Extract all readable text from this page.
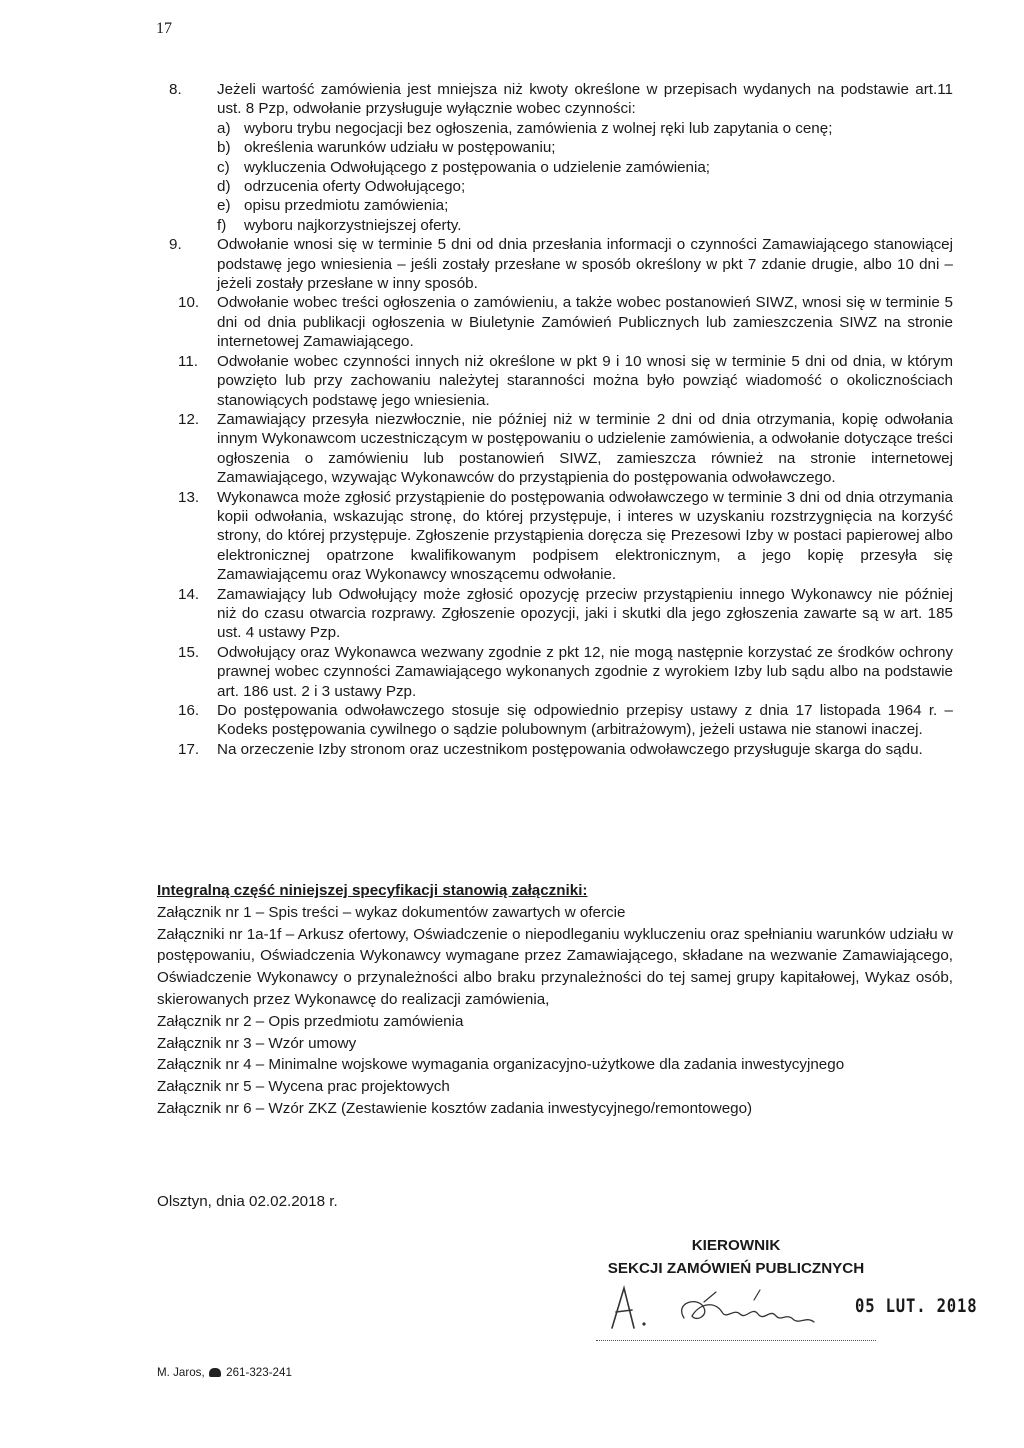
17
8. Jeżeli wartość zamówienia jest mniejsza niż kwoty określone w przepisach wydanych na podstawie art.11 ust. 8 Pzp, odwołanie przysługuje wyłącznie wobec czynności:
a) wyboru trybu negocjacji bez ogłoszenia, zamówienia z wolnej ręki lub zapytania o cenę;
b) określenia warunków udziału w postępowaniu;
c) wykluczenia Odwołującego z postępowania o udzielenie zamówienia;
d) odrzucenia oferty Odwołującego;
e) opisu przedmiotu zamówienia;
f) wyboru najkorzystniejszej oferty.
9. Odwołanie wnosi się w terminie 5 dni od dnia przesłania informacji o czynności Zamawiającego stanowiącej podstawę jego wniesienia – jeśli zostały przesłane w sposób określony w pkt 7 zdanie drugie, albo 10 dni – jeżeli zostały przesłane w inny sposób.
10. Odwołanie wobec treści ogłoszenia o zamówieniu, a także wobec postanowień SIWZ, wnosi się w terminie 5 dni od dnia publikacji ogłoszenia w Biuletynie Zamówień Publicznych lub zamieszczenia SIWZ na stronie internetowej Zamawiającego.
11. Odwołanie wobec czynności innych niż określone w pkt 9 i 10 wnosi się w terminie 5 dni od dnia, w którym powzięto lub przy zachowaniu należytej staranności można było powziąć wiadomość o okolicznościach stanowiących podstawę jego wniesienia.
12. Zamawiający przesyła niezwłocznie, nie później niż w terminie 2 dni od dnia otrzymania, kopię odwołania innym Wykonawcom uczestniczącym w postępowaniu o udzielenie zamówienia, a odwołanie dotyczące treści ogłoszenia o zamówieniu lub postanowień SIWZ, zamieszcza również na stronie internetowej Zamawiającego, wzywając Wykonawców do przystąpienia do postępowania odwoławczego.
13. Wykonawca może zgłosić przystąpienie do postępowania odwoławczego w terminie 3 dni od dnia otrzymania kopii odwołania, wskazując stronę, do której przystępuje, i interes w uzyskaniu rozstrzygnięcia na korzyść strony, do której przystępuje. Zgłoszenie przystąpienia doręcza się Prezesowi Izby w postaci papierowej albo elektronicznej opatrzone kwalifikowanym podpisem elektronicznym, a jego kopię przesyła się Zamawiającemu oraz Wykonawcy wnoszącemu odwołanie.
14. Zamawiający lub Odwołujący może zgłosić opozycję przeciw przystąpieniu innego Wykonawcy nie później niż do czasu otwarcia rozprawy. Zgłoszenie opozycji, jaki i skutki dla jego zgłoszenia zawarte są w art. 185 ust. 4 ustawy Pzp.
15. Odwołujący oraz Wykonawca wezwany zgodnie z pkt 12, nie mogą następnie korzystać ze środków ochrony prawnej wobec czynności Zamawiającego wykonanych zgodnie z wyrokiem Izby lub sądu albo na podstawie art. 186 ust. 2 i 3 ustawy Pzp.
16. Do postępowania odwoławczego stosuje się odpowiednio przepisy ustawy z dnia 17 listopada 1964 r. – Kodeks postępowania cywilnego o sądzie polubownym (arbitrażowym), jeżeli ustawa nie stanowi inaczej.
17. Na orzeczenie Izby stronom oraz uczestnikom postępowania odwoławczego przysługuje skarga do sądu.
Integralną część niniejszej specyfikacji stanowią załączniki:
Załącznik nr 1 – Spis treści – wykaz dokumentów zawartych w ofercie
Załączniki nr 1a-1f – Arkusz ofertowy, Oświadczenie o niepodleganiu wykluczeniu oraz spełnianiu warunków udziału w postępowaniu, Oświadczenia Wykonawcy wymagane przez Zamawiającego, składane na wezwanie Zamawiającego, Oświadczenie Wykonawcy o przynależności albo braku przynależności do tej samej grupy kapitałowej, Wykaz osób, skierowanych przez Wykonawcę do realizacji zamówienia,
Załącznik nr 2 – Opis przedmiotu zamówienia
Załącznik nr 3 – Wzór umowy
Załącznik nr 4 – Minimalne wojskowe wymagania organizacyjno-użytkowe dla zadania inwestycyjnego
Załącznik nr 5 – Wycena prac projektowych
Załącznik nr 6 – Wzór ZKZ (Zestawienie kosztów zadania inwestycyjnego/remontowego)
Olsztyn, dnia 02.02.2018 r.
KIEROWNIK
SEKCJI ZAMÓWIEŃ PUBLICZNYCH
05 LUT. 2018
M. Jaros, 261-323-241
